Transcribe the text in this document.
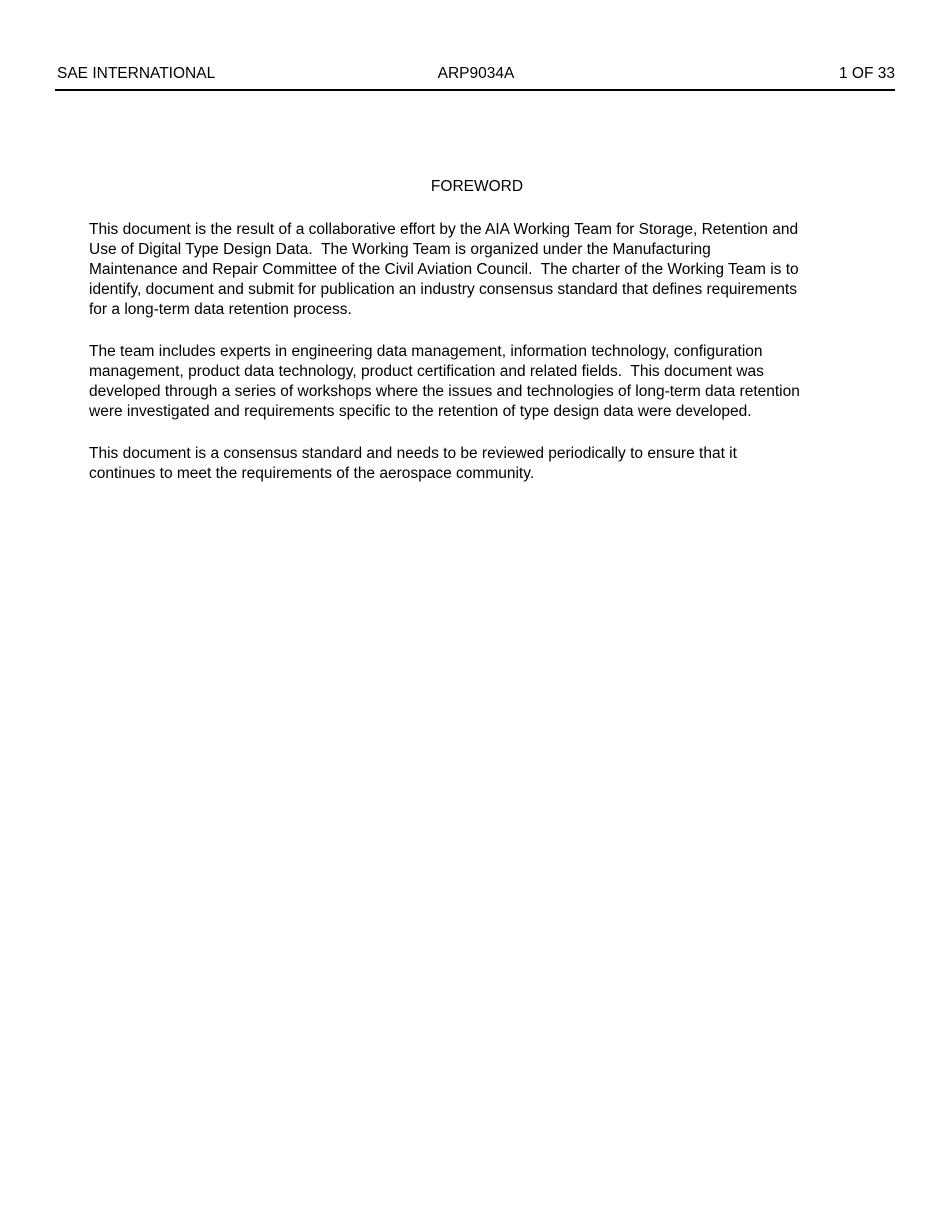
SAE INTERNATIONAL	ARP9034A	1 OF 33
FOREWORD
This document is the result of a collaborative effort by the AIA Working Team for Storage, Retention and
Use of Digital Type Design Data.  The Working Team is organized under the Manufacturing
Maintenance and Repair Committee of the Civil Aviation Council.  The charter of the Working Team is to
identify, document and submit for publication an industry consensus standard that defines requirements
for a long-term data retention process.
The team includes experts in engineering data management, information technology, configuration
management, product data technology, product certification and related fields.  This document was
developed through a series of workshops where the issues and technologies of long-term data retention
were investigated and requirements specific to the retention of type design data were developed.
This document is a consensus standard and needs to be reviewed periodically to ensure that it
continues to meet the requirements of the aerospace community.
